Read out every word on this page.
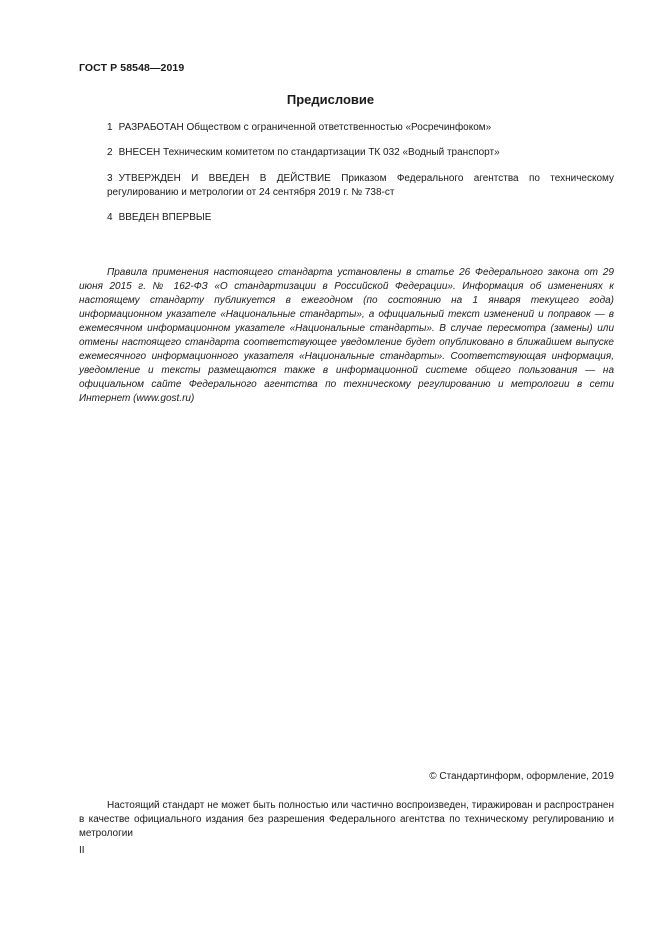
ГОСТ Р 58548—2019
Предисловие
1 РАЗРАБОТАН Обществом с ограниченной ответственностью «Росречинфоком»
2 ВНЕСЕН Техническим комитетом по стандартизации ТК 032 «Водный транспорт»
3 УТВЕРЖДЕН И ВВЕДЕН В ДЕЙСТВИЕ Приказом Федерального агентства по техническому регулированию и метрологии от 24 сентября 2019 г. № 738-ст
4 ВВЕДЕН ВПЕРВЫЕ
Правила применения настоящего стандарта установлены в статье 26 Федерального закона от 29 июня 2015 г. № 162-ФЗ «О стандартизации в Российской Федерации». Информация об изменениях к настоящему стандарту публикуется в ежегодном (по состоянию на 1 января текущего года) информационном указателе «Национальные стандарты», а официальный текст изменений и поправок — в ежемесячном информационном указателе «Национальные стандарты». В случае пересмотра (замены) или отмены настоящего стандарта соответствующее уведомление будет опубликовано в ближайшем выпуске ежемесячного информационного указателя «Национальные стандарты». Соответствующая информация, уведомление и тексты размещаются также в информационной системе общего пользования — на официальном сайте Федерального агентства по техническому регулированию и метрологии в сети Интернет (www.gost.ru)
© Стандартинформ, оформление, 2019
Настоящий стандарт не может быть полностью или частично воспроизведен, тиражирован и распространен в качестве официального издания без разрешения Федерального агентства по техническому регулированию и метрологии
II
